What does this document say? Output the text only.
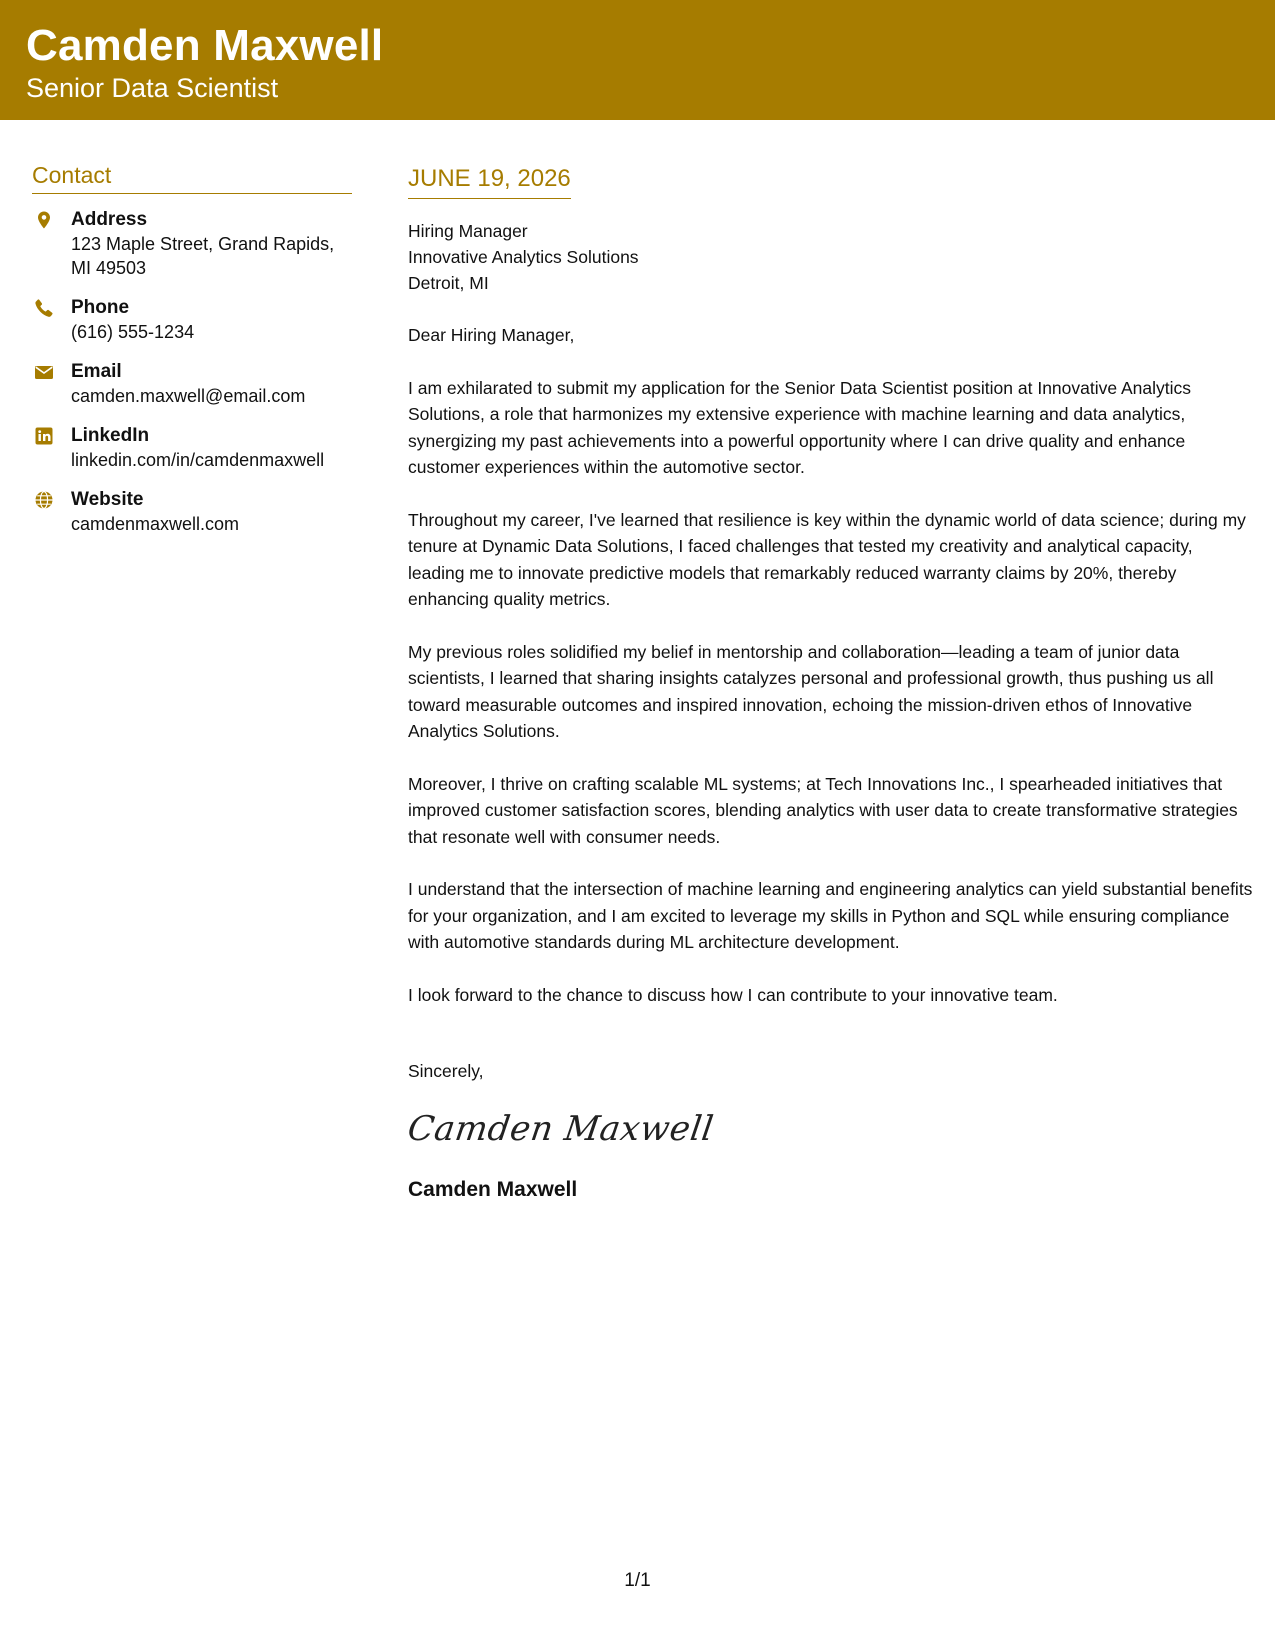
Camden Maxwell
Senior Data Scientist
Contact
Address
123 Maple Street, Grand Rapids,
MI 49503
Phone
(616) 555-1234
Email
camden.maxwell@email.com
LinkedIn
linkedin.com/in/camdenmaxwell
Website
camdenmaxwell.com
JUNE 19, 2026
Hiring Manager
Innovative Analytics Solutions
Detroit, MI
Dear Hiring Manager,
I am exhilarated to submit my application for the Senior Data Scientist position at Innovative Analytics Solutions, a role that harmonizes my extensive experience with machine learning and data analytics, synergizing my past achievements into a powerful opportunity where I can drive quality and enhance customer experiences within the automotive sector.
Throughout my career, I've learned that resilience is key within the dynamic world of data science; during my tenure at Dynamic Data Solutions, I faced challenges that tested my creativity and analytical capacity, leading me to innovate predictive models that remarkably reduced warranty claims by 20%, thereby enhancing quality metrics.
My previous roles solidified my belief in mentorship and collaboration—leading a team of junior data scientists, I learned that sharing insights catalyzes personal and professional growth, thus pushing us all toward measurable outcomes and inspired innovation, echoing the mission-driven ethos of Innovative Analytics Solutions.
Moreover, I thrive on crafting scalable ML systems; at Tech Innovations Inc., I spearheaded initiatives that improved customer satisfaction scores, blending analytics with user data to create transformative strategies that resonate well with consumer needs.
I understand that the intersection of machine learning and engineering analytics can yield substantial benefits for your organization, and I am excited to leverage my skills in Python and SQL while ensuring compliance with automotive standards during ML architecture development.
I look forward to the chance to discuss how I can contribute to your innovative team.
Sincerely,
Camden Maxwell
Camden Maxwell
1/1
